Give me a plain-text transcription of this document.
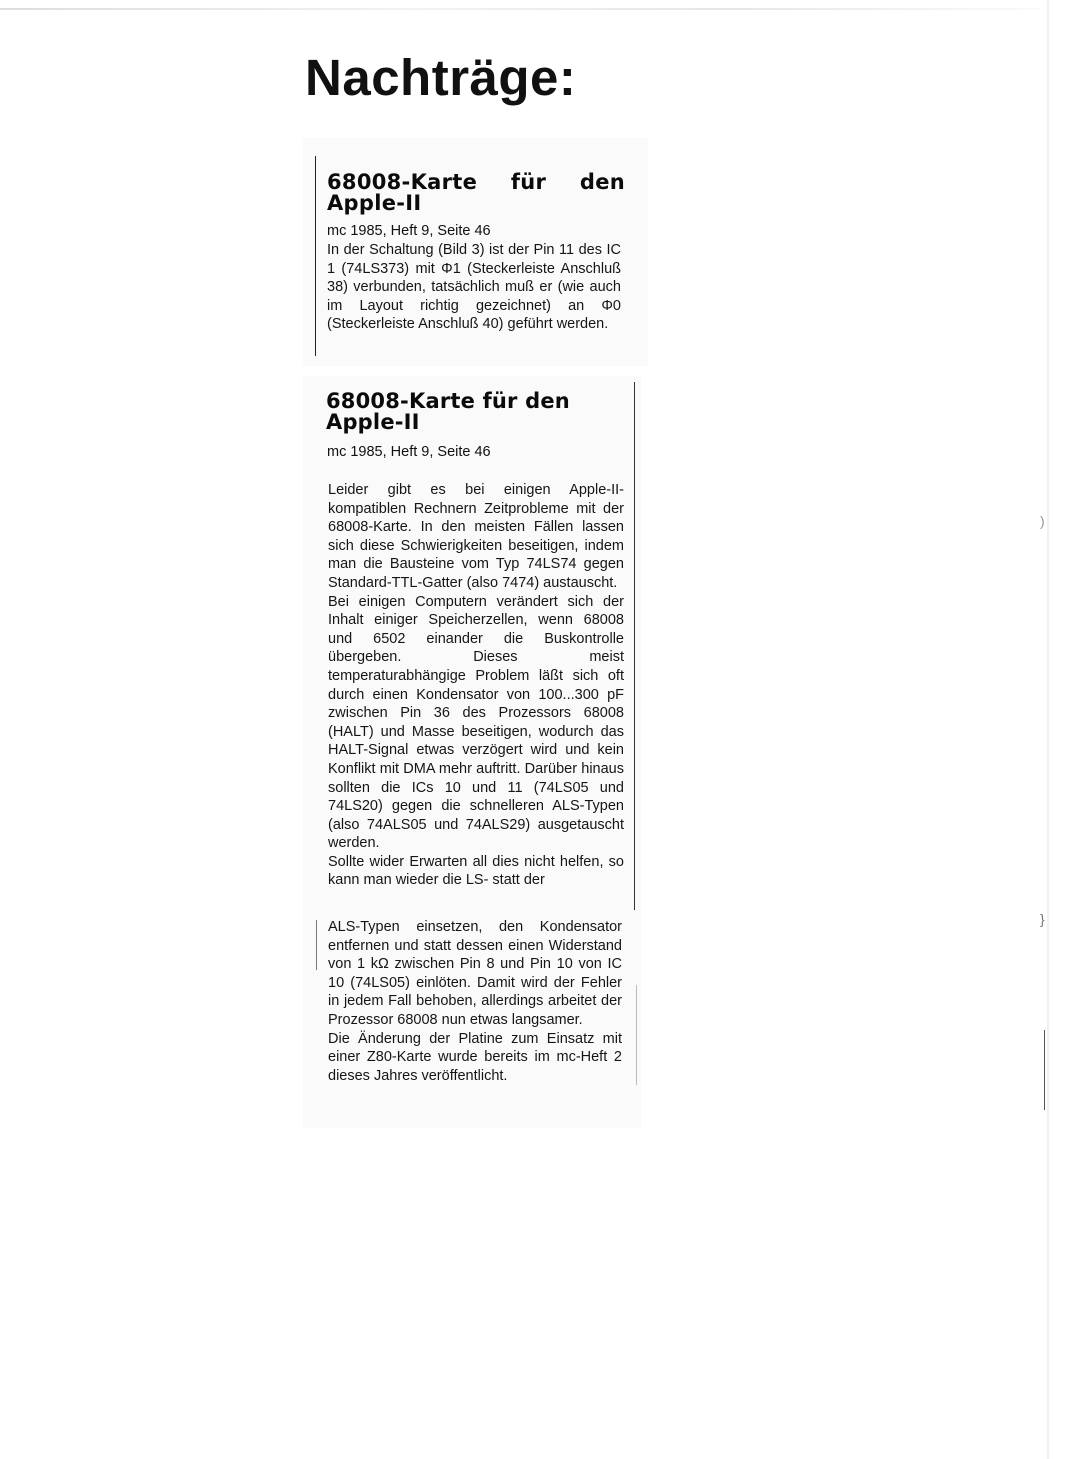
Nachträge:
68008-Karte für den Apple-II
mc 1985, Heft 9, Seite 46

In der Schaltung (Bild 3) ist der Pin 11 des IC 1 (74LS373) mit Φ1 (Steckerleiste Anschluß 38) verbunden, tatsächlich muß er (wie auch im Layout richtig gezeichnet) an Φ0 (Steckerleiste Anschluß 40) geführt werden.

68008-Karte für den Apple-II
mc 1985, Heft 9, Seite 46

Leider gibt es bei einigen Apple-II-kompatiblen Rechnern Zeitprobleme mit der 68008-Karte. In den meisten Fällen lassen sich diese Schwierigkeiten beseitigen, indem man die Bausteine vom Typ 74LS74 gegen Standard-TTL-Gatter (also 7474) austauscht.

Bei einigen Computern verändert sich der Inhalt einiger Speicherzellen, wenn 68008 und 6502 einander die Buskontrolle übergeben. Dieses meist temperaturabhängige Problem läßt sich oft durch einen Kondensator von 100...300 pF zwischen Pin 36 des Prozessors 68008 (HALT) und Masse beseitigen, wodurch das HALT-Signal etwas verzögert wird und kein Konflikt mit DMA mehr auftritt. Darüber hinaus sollten die ICs 10 und 11 (74LS05 und 74LS20) gegen die schnelleren ALS-Typen (also 74ALS05 und 74ALS29) ausgetauscht werden.

Sollte wider Erwarten all dies nicht helfen, so kann man wieder die LS- statt der

ALS-Typen einsetzen, den Kondensator entfernen und statt dessen einen Widerstand von 1 kΩ zwischen Pin 8 und Pin 10 von IC 10 (74LS05) einlöten. Damit wird der Fehler in jedem Fall behoben, allerdings arbeitet der Prozessor 68008 nun etwas langsamer.

Die Änderung der Platine zum Einsatz mit einer Z80-Karte wurde bereits im mc-Heft 2 dieses Jahres veröffentlicht.

)
}
